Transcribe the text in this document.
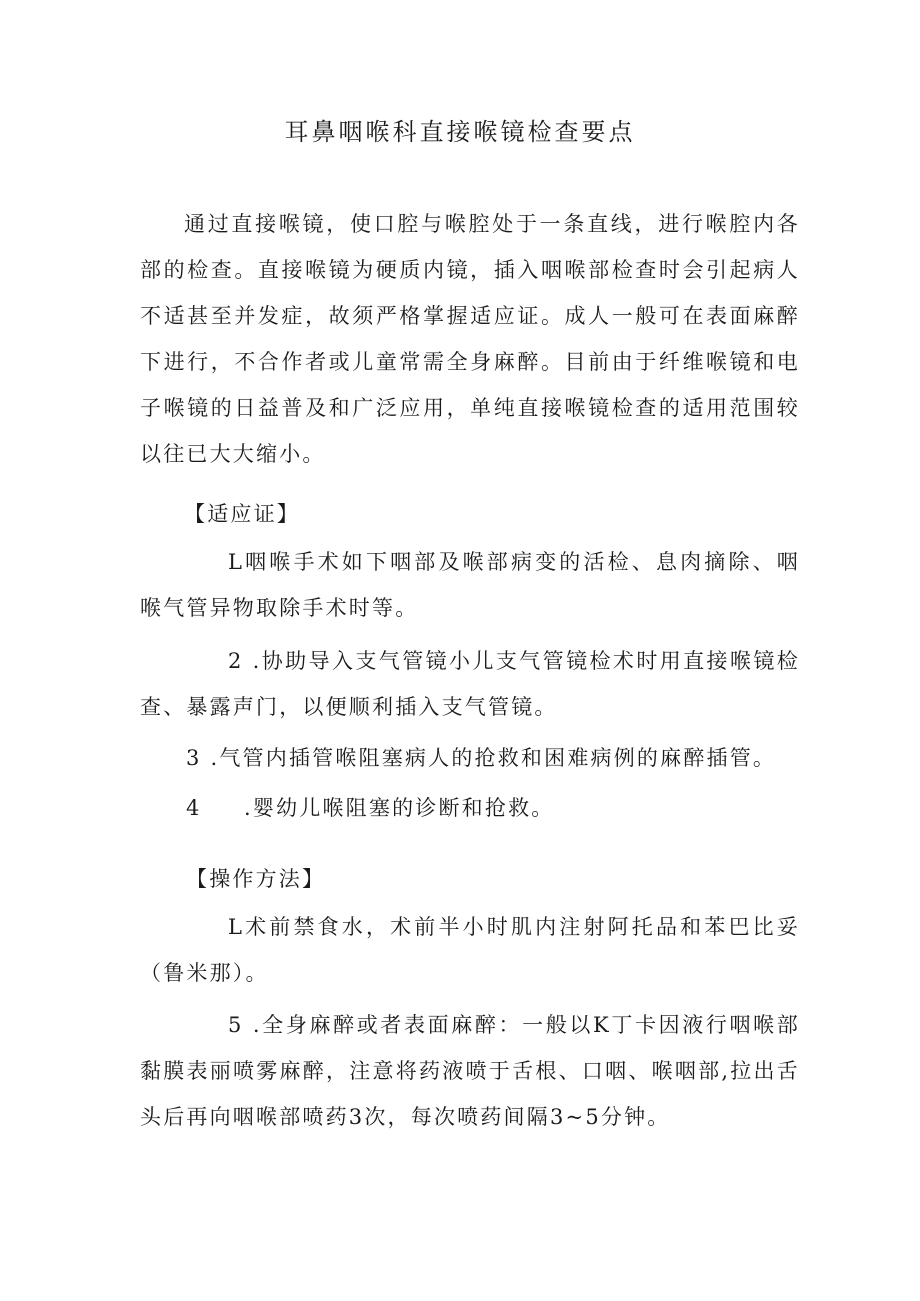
耳鼻咽喉科直接喉镜检查要点

通过直接喉镜，使口腔与喉腔处于一条直线，进行喉腔内各部的检查。直接喉镜为硬质内镜，插入咽喉部检查时会引起病人不适甚至并发症，故须严格掌握适应证。成人一般可在表面麻醉下进行，不合作者或儿童常需全身麻醉。目前由于纤维喉镜和电子喉镜的日益普及和广泛应用，单纯直接喉镜检查的适用范围较以往已大大缩小。

【适应证】

L咽喉手术如下咽部及喉部病变的活检、息肉摘除、咽喉气管异物取除手术时等。

2 .协助导入支气管镜小儿支气管镜检术时用直接喉镜检查、暴露声门，以便顺利插入支气管镜。

3 .气管内插管喉阻塞病人的抢救和困难病例的麻醉插管。
4 .婴幼儿喉阻塞的诊断和抢救。
【操作方法】

L术前禁食水，术前半小时肌内注射阿托品和苯巴比妥（鲁米那）。

5 .全身麻醉或者表面麻醉：一般以K丁卡因液行咽喉部黏膜表丽喷雾麻醉，注意将药液喷于舌根、口咽、喉咽部,拉出舌头后再向咽喉部喷药3次，每次喷药间隔3~5分钟。
